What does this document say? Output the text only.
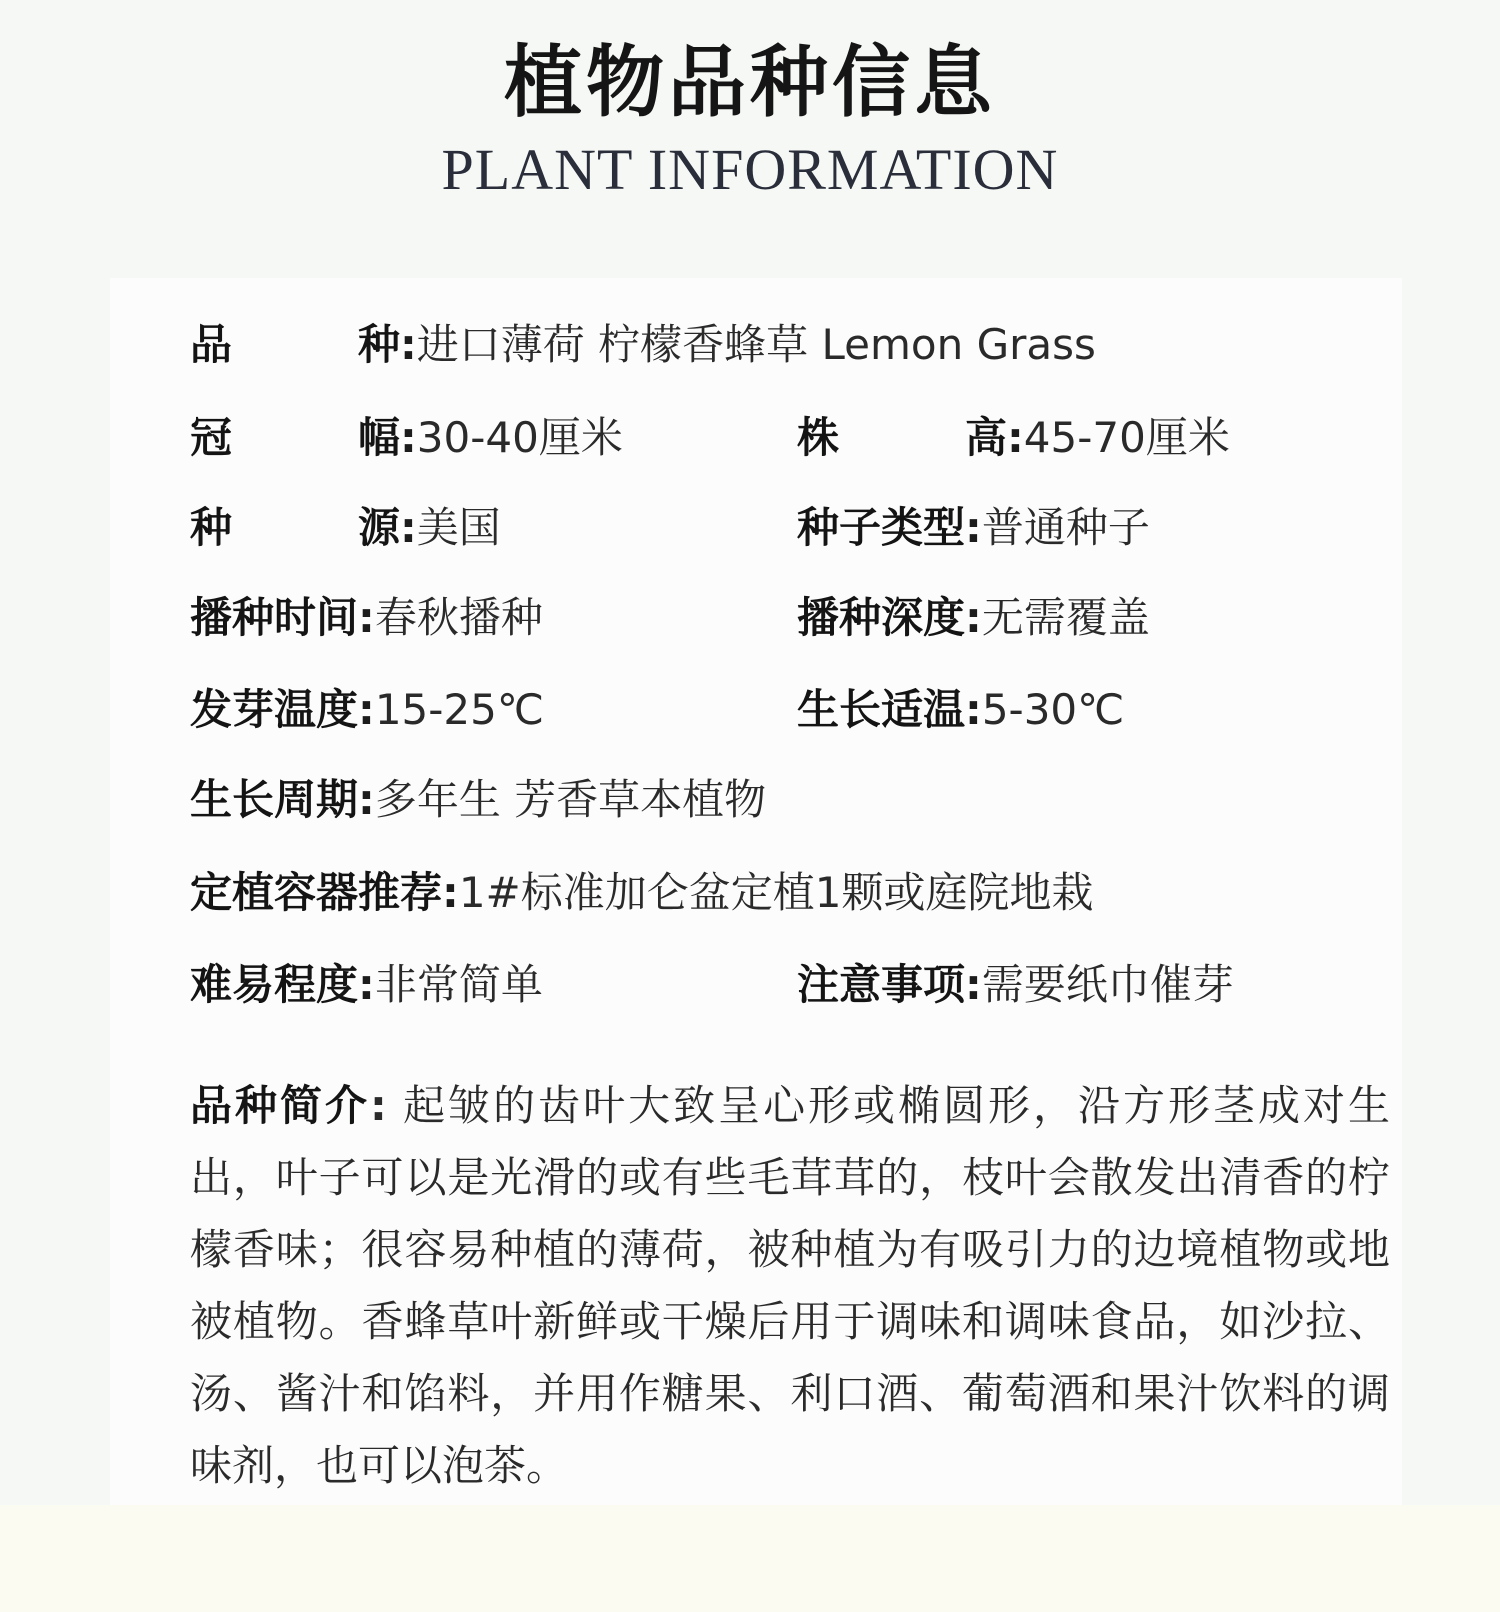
植物品种信息
PLANT INFORMATION
品	种 :进口薄荷 柠檬香蜂草 Lemon Grass
冠	幅 :30-40厘米	株	高 :45-70厘米
种	源 :美国	种子类型:普通种子
播种时间:春秋播种	播种深度:无需覆盖
发芽温度:15-25℃	生长适温:5-30℃
生长周期:多年生 芳香草本植物
定植容器推荐:1#标准加仑盆定植1颗或庭院地栽
难易程度:非常简单	注意事项:需要纸巾催芽
品种简介: 起皱的齿叶大致呈心形或椭圆形，沿方形茎成对生出，叶子可以是光滑的或有些毛茸茸的，枝叶会散发出清香的柠檬香味；很容易种植的薄荷，被种植为有吸引力的边境植物或地被植物。香蜂草叶新鲜或干燥后用于调味和调味食品，如沙拉、汤、酱汁和馅料，并用作糖果、利口酒、葡萄酒和果汁饮料的调味剂，也可以泡茶。
